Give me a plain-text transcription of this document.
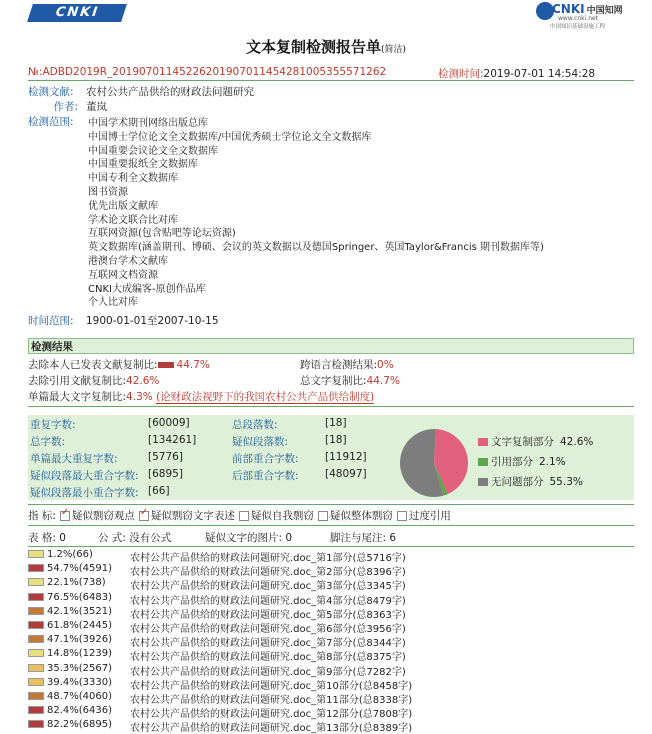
CNKI	CNKI 中国知网
www.cnki.net
中国知识基础设施工程
文本复制检测报告单(简洁)
№:ADBD2019R_20190701145226201907011454281005355571262	检测时间:2019-07-01 14:54:28
检测文献: 农村公共产品供给的财政法问题研究
作者: 董岚
检测范围:	中国学术期刊网络出版总库
中国博士学位论文全文数据库/中国优秀硕士学位论文全文数据库
中国重要会议论文全文数据库
中国重要报纸全文数据库
中国专利全文数据库
图书资源
优先出版文献库
学术论文联合比对库
互联网资源(包含贴吧等论坛资源)
英文数据库(涵盖期刊、博硕、会议的英文数据以及德国Springer、英国Taylor&Francis 期刊数据库等)
港澳台学术文献库
互联网文档资源
CNKI大成编客-原创作品库
个人比对库
时间范围: 1900-01-01至2007-10-15
检测结果
去除本人已发表文献复制比: 44.7%	跨语言检测结果:0%
去除引用文献复制比:42.6%	总文字复制比:44.7%
单篇最大文字复制比:4.3% (论财政法视野下的我国农村公共产品供给制度)
重复字数:	[60009]	总段落数:	[18]
总字数:	[134261]	疑似段落数:	[18]
单篇最大重复字数:	[5776]	前部重合字数:	[11912]
疑似段落最大重合字数: [6895]	后部重合字数:	[48097]
疑似段落最小重合字数: [66]
文字复制部分 42.6%
引用部分 2.1%
无问题部分 55.3%
指 标: ✓ 疑似剽窃观点 ✓ 疑似剽窃文字表述 疑似自我剽窃 疑似整体剽窃 过度引用
表 格: 0	公 式: 没有公式	疑似文字的图片: 0	脚注与尾注: 6
1.2%(66)	农村公共产品供给的财政法问题研究.doc_第1部分(总5716字)
54.7%(4591) 农村公共产品供给的财政法问题研究.doc_第2部分(总8396字)
22.1%(738) 农村公共产品供给的财政法问题研究.doc_第3部分(总3345字)
76.5%(6483) 农村公共产品供给的财政法问题研究.doc_第4部分(总8479字)
42.1%(3521) 农村公共产品供给的财政法问题研究.doc_第5部分(总8363字)
61.8%(2445) 农村公共产品供给的财政法问题研究.doc_第6部分(总3956字)
47.1%(3926) 农村公共产品供给的财政法问题研究.doc_第7部分(总8344字)
14.8%(1239) 农村公共产品供给的财政法问题研究.doc_第8部分(总8375字)
35.3%(2567) 农村公共产品供给的财政法问题研究.doc_第9部分(总7282字)
39.4%(3330) 农村公共产品供给的财政法问题研究.doc_第10部分(总8458字)
48.7%(4060) 农村公共产品供给的财政法问题研究.doc_第11部分(总8338字)
82.4%(6436) 农村公共产品供给的财政法问题研究.doc_第12部分(总7808字)
82.2%(6895) 农村公共产品供给的财政法问题研究.doc_第13部分(总8389字)
